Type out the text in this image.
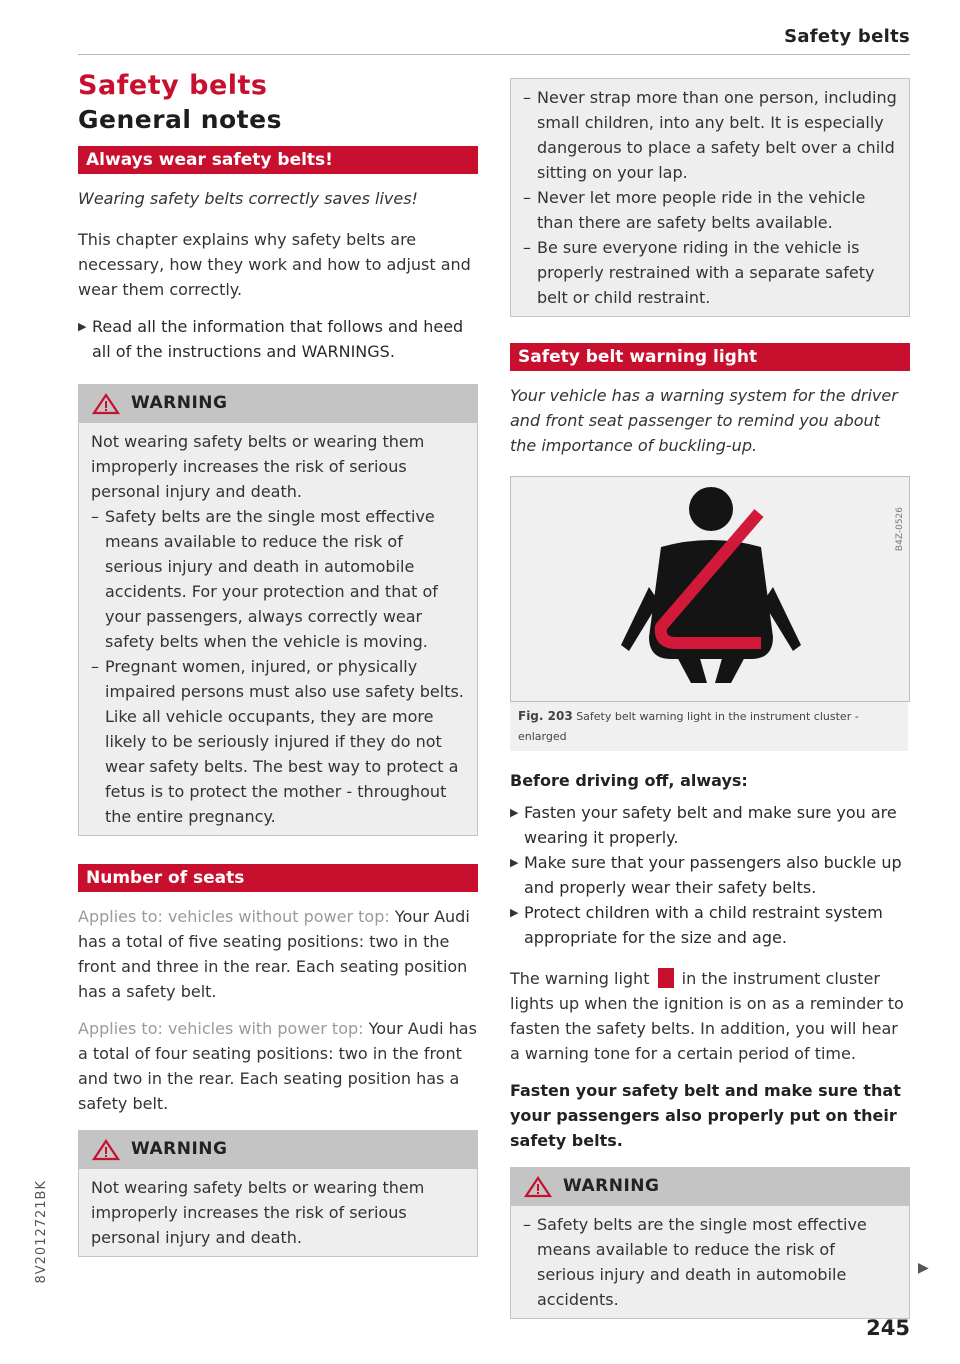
Safety belts
Safety belts
General notes
Always wear safety belts!

Wearing safety belts correctly saves lives!

This chapter explains why safety belts are necessary, how they work and how to adjust and wear them correctly.

▶ Read all the information that follows and heed all of the instructions and WARNINGS.
WARNING

Not wearing safety belts or wearing them improperly increases the risk of serious personal injury and death.

– Safety belts are the single most effective means available to reduce the risk of serious injury and death in automobile accidents. For your protection and that of your passengers, always correctly wear safety belts when the vehicle is moving.
– Pregnant women, injured, or physically impaired persons must also use safety belts. Like all vehicle occupants, they are more likely to be seriously injured if they do not wear safety belts. The best way to protect a fetus is to protect the mother - throughout the entire pregnancy.
Number of seats

Applies to: vehicles without power top: Your Audi has a total of five seating positions: two in the front and three in the rear. Each seating position has a safety belt.

Applies to: vehicles with power top: Your Audi has a total of four seating positions: two in the front and two in the rear. Each seating position has a safety belt.

WARNING

Not wearing safety belts or wearing them improperly increases the risk of serious personal injury and death.

– Never strap more than one person, including small children, into any belt. It is especially dangerous to place a safety belt over a child sitting on your lap.
– Never let more people ride in the vehicle than there are safety belts available.
– Be sure everyone riding in the vehicle is properly restrained with a separate safety belt or child restraint.
Safety belt warning light

Your vehicle has a warning system for the driver and front seat passenger to remind you about the importance of buckling-up.

B4Z-0526
Fig. 203 Safety belt warning light in the instrument cluster - enlarged
Before driving off, always:
▶ Fasten your safety belt and make sure you are wearing it properly.
▶ Make sure that your passengers also buckle up and properly wear their safety belts.
▶ Protect children with a child restraint system appropriate for the size and age.

The warning light in the instrument cluster lights up when the ignition is on as a reminder to fasten the safety belts. In addition, you will hear a warning tone for a certain period of time.

Fasten your safety belt and make sure that your passengers also properly put on their safety belts.

WARNING
– Safety belts are the single most effective means available to reduce the risk of serious injury and death in automobile accidents.
▶
8V2012721BK
245
